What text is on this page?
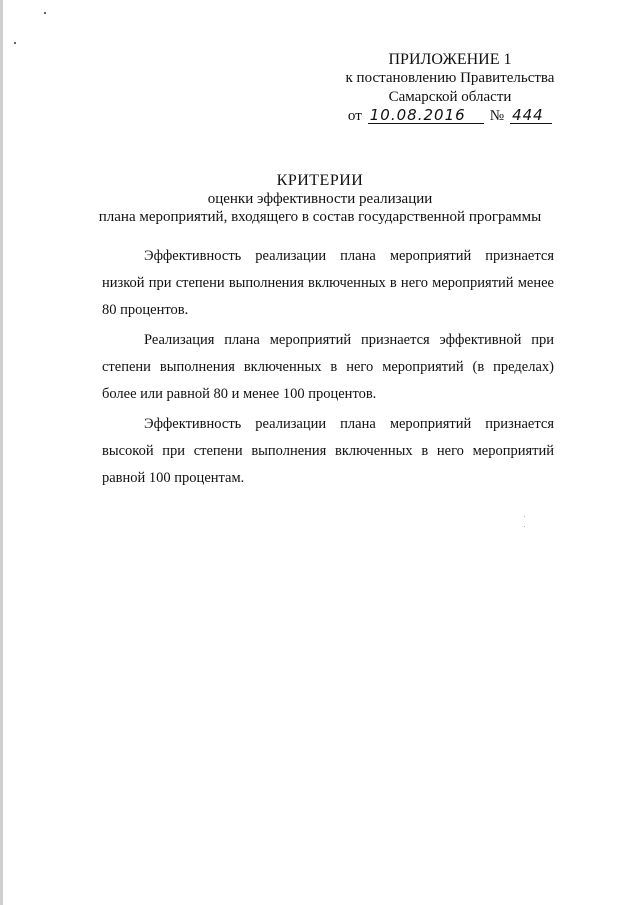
ПРИЛОЖЕНИЕ 1
к постановлению Правительства
Самарской области
от 10.08.2016	№ 444
КРИТЕРИИ
оценки эффективности реализации
плана мероприятий, входящего в состав государственной программы

Эффективность реализации плана мероприятий признается низкой при степени выполнения включенных в него мероприятий менее 80 процентов.

Реализация плана мероприятий признается эффективной при степени выполнения включенных в него мероприятий (в пределах) более или равной 80 и менее 100 процентов.

Эффективность реализации плана мероприятий признается высокой при степени выполнения включенных в него мероприятий равной 100 процентам.
